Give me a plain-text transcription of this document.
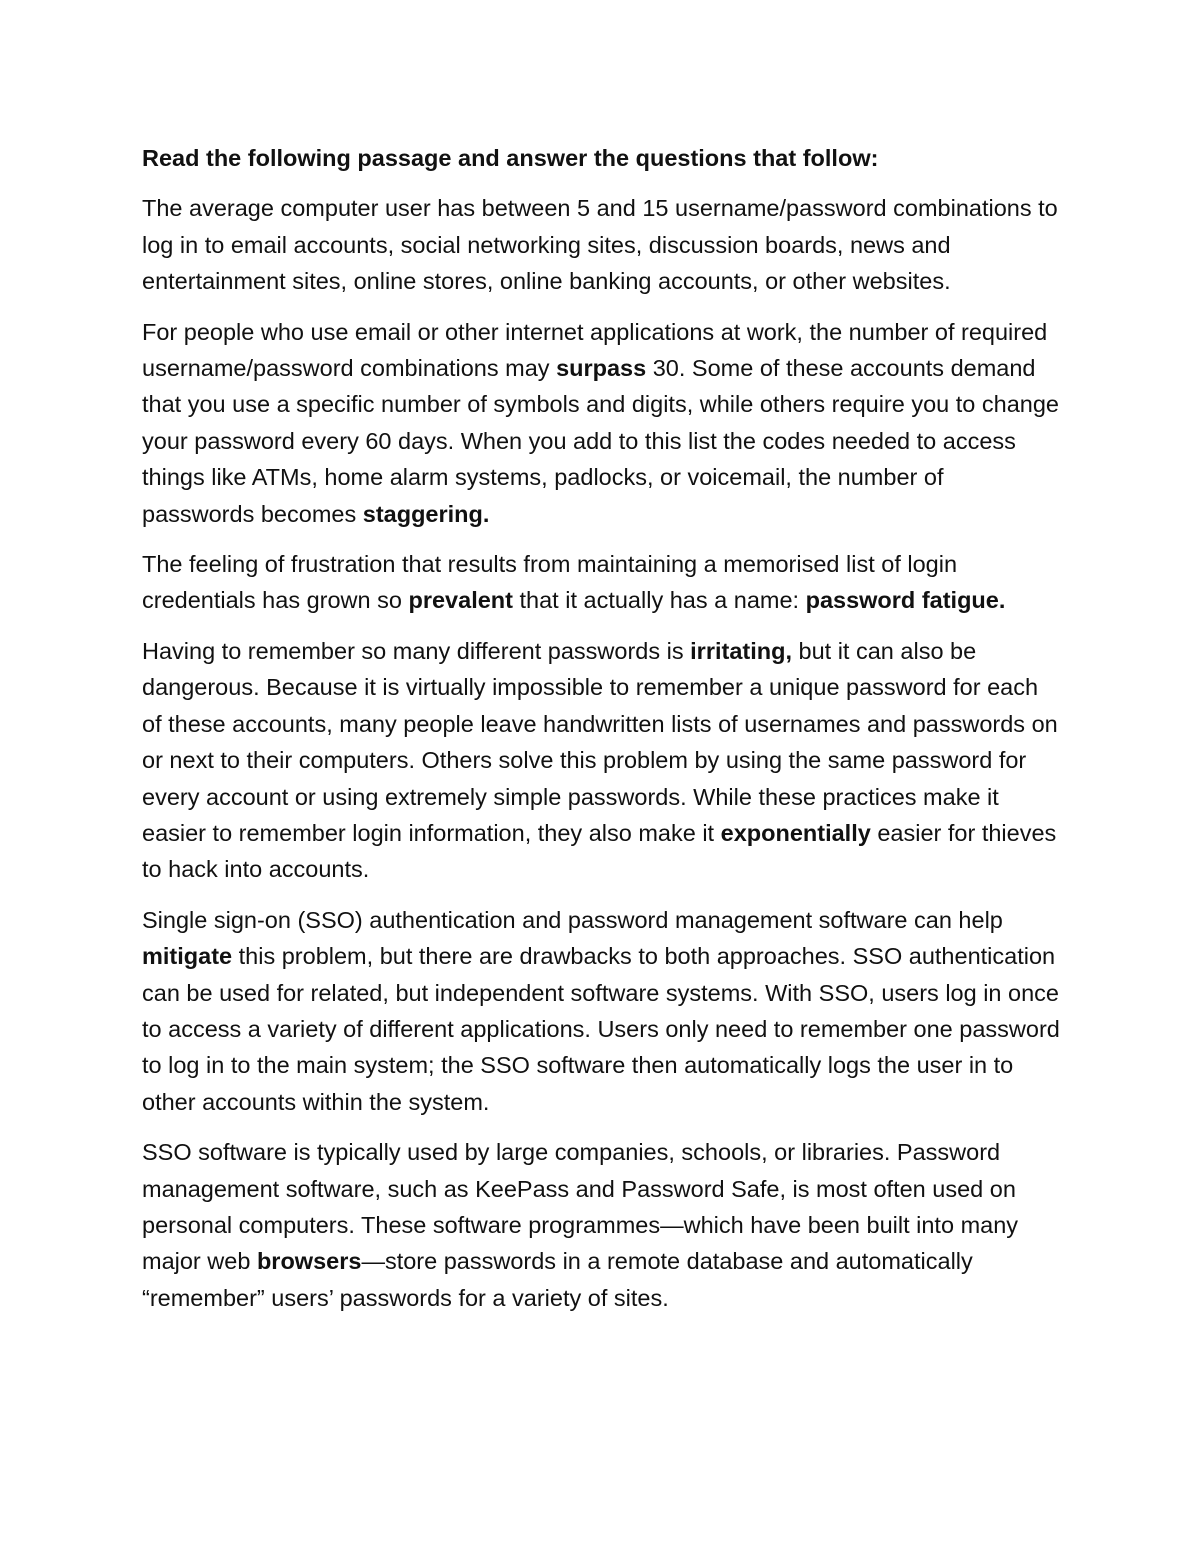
Read the following passage and answer the questions that follow:

The average computer user has between 5 and 15 username/password combinations to log in to email accounts, social networking sites, discussion boards, news and entertainment sites, online stores, online banking accounts, or other websites.

For people who use email or other internet applications at work, the number of required username/password combinations may surpass 30. Some of these accounts demand that you use a specific number of symbols and digits, while others require you to change your password every 60 days. When you add to this list the codes needed to access things like ATMs, home alarm systems, padlocks, or voicemail, the number of passwords becomes staggering.

The feeling of frustration that results from maintaining a memorised list of login credentials has grown so prevalent that it actually has a name: password fatigue.

Having to remember so many different passwords is irritating, but it can also be dangerous. Because it is virtually impossible to remember a unique password for each of these accounts, many people leave handwritten lists of usernames and passwords on or next to their computers. Others solve this problem by using the same password for every account or using extremely simple passwords. While these practices make it easier to remember login information, they also make it exponentially easier for thieves to hack into accounts.

Single sign-on (SSO) authentication and password management software can help mitigate this problem, but there are drawbacks to both approaches. SSO authentication can be used for related, but independent software systems. With SSO, users log in once to access a variety of different applications. Users only need to remember one password to log in to the main system; the SSO software then automatically logs the user in to other accounts within the system.

SSO software is typically used by large companies, schools, or libraries. Password management software, such as KeePass and Password Safe, is most often used on personal computers. These software programmes—which have been built into many major web browsers—store passwords in a remote database and automatically “remember” users’ passwords for a variety of sites.
